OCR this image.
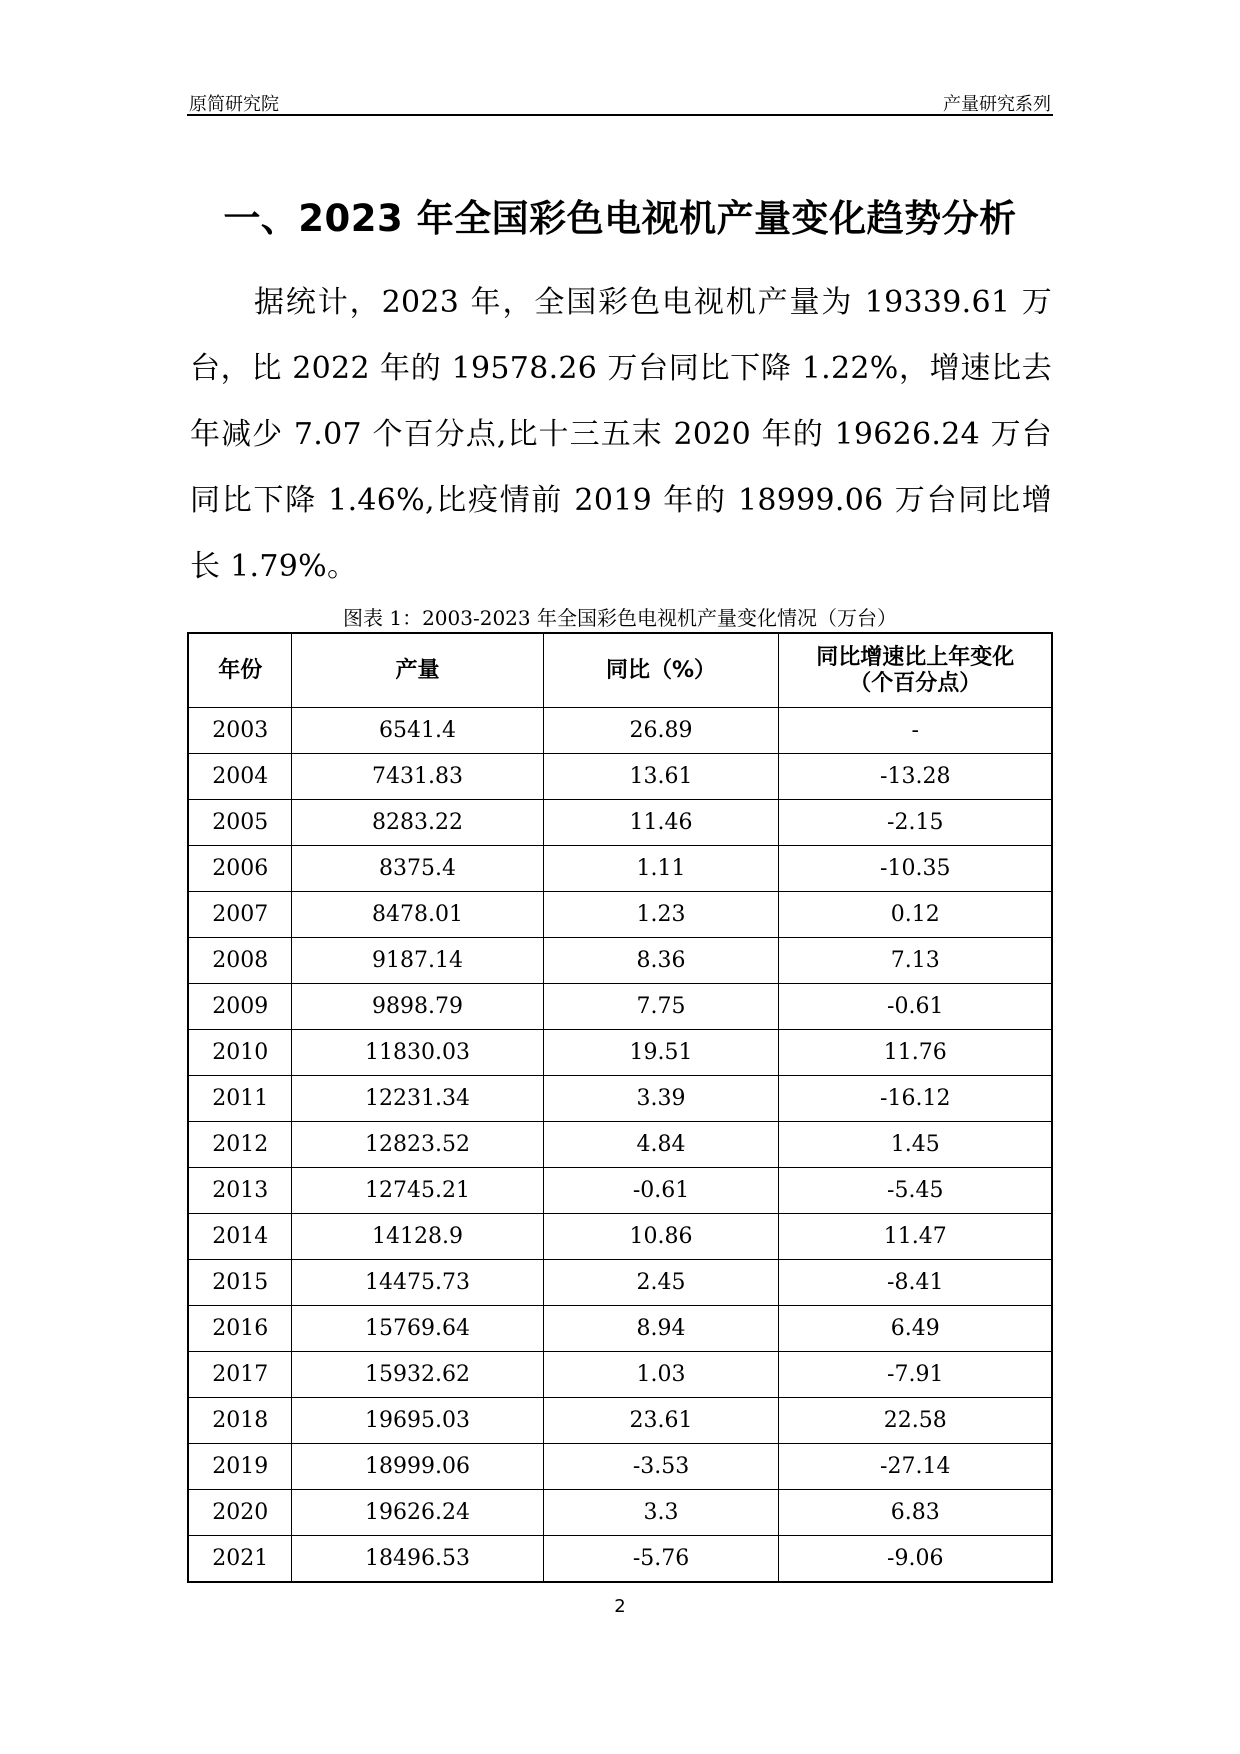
原简研究院	产量研究系列
一、2023 年全国彩色电视机产量变化趋势分析
据统计，2023 年，全国彩色电视机产量为 19339.61 万台，比 2022 年的 19578.26 万台同比下降 1.22%，增速比去年减少 7.07 个百分点,比十三五末 2020 年的 19626.24 万台同比下降 1.46%,比疫情前 2019 年的 18999.06 万台同比增长 1.79%。
图表 1：2003-2023 年全国彩色电视机产量变化情况（万台）
年份	产量	同比（%）	同比增速比上年变化
（个百分点）
2003	6541.4	26.89	-
2004	7431.83	13.61	-13.28
2005	8283.22	11.46	-2.15
2006	8375.4	1.11	-10.35
2007	8478.01	1.23	0.12
2008	9187.14	8.36	7.13
2009	9898.79	7.75	-0.61
2010	11830.03	19.51	11.76
2011	12231.34	3.39	-16.12
2012	12823.52	4.84	1.45
2013	12745.21	-0.61	-5.45
2014	14128.9	10.86	11.47
2015	14475.73	2.45	-8.41
2016	15769.64	8.94	6.49
2017	15932.62	1.03	-7.91
2018	19695.03	23.61	22.58
2019	18999.06	-3.53	-27.14
2020	19626.24	3.3	6.83
2021	18496.53	-5.76	-9.06
2
